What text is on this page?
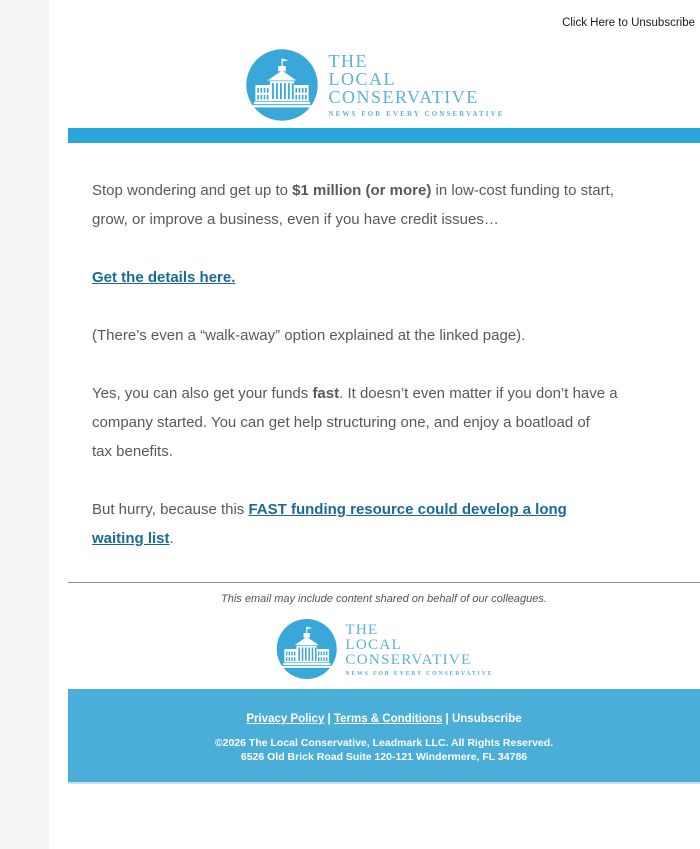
Click Here to Unsubscribe
THE
LOCAL
CONSERVATIVE
NEWS FOR EVERY CONSERVATIVE

Stop wondering and get up to $1 million (or more) in low-cost funding to start,
grow, or improve a business, even if you have credit issues…

Get the details here.

(There’s even a “walk-away” option explained at the linked page).

Yes, you can also get your funds fast. It doesn’t even matter if you don’t have a
company started. You can get help structuring one, and enjoy a boatload of
tax benefits.

But hurry, because this FAST funding resource could develop a long
waiting list.

This email may include content shared on behalf of our colleagues.
THE
LOCAL
CONSERVATIVE
NEWS FOR EVERY CONSERVATIVE
Privacy Policy | Terms & Conditions | Unsubscribe
©2026 The Local Conservative, Leadmark LLC. All Rights Reserved.
6526 Old Brick Road Suite 120-121 Windermere, FL 34786
